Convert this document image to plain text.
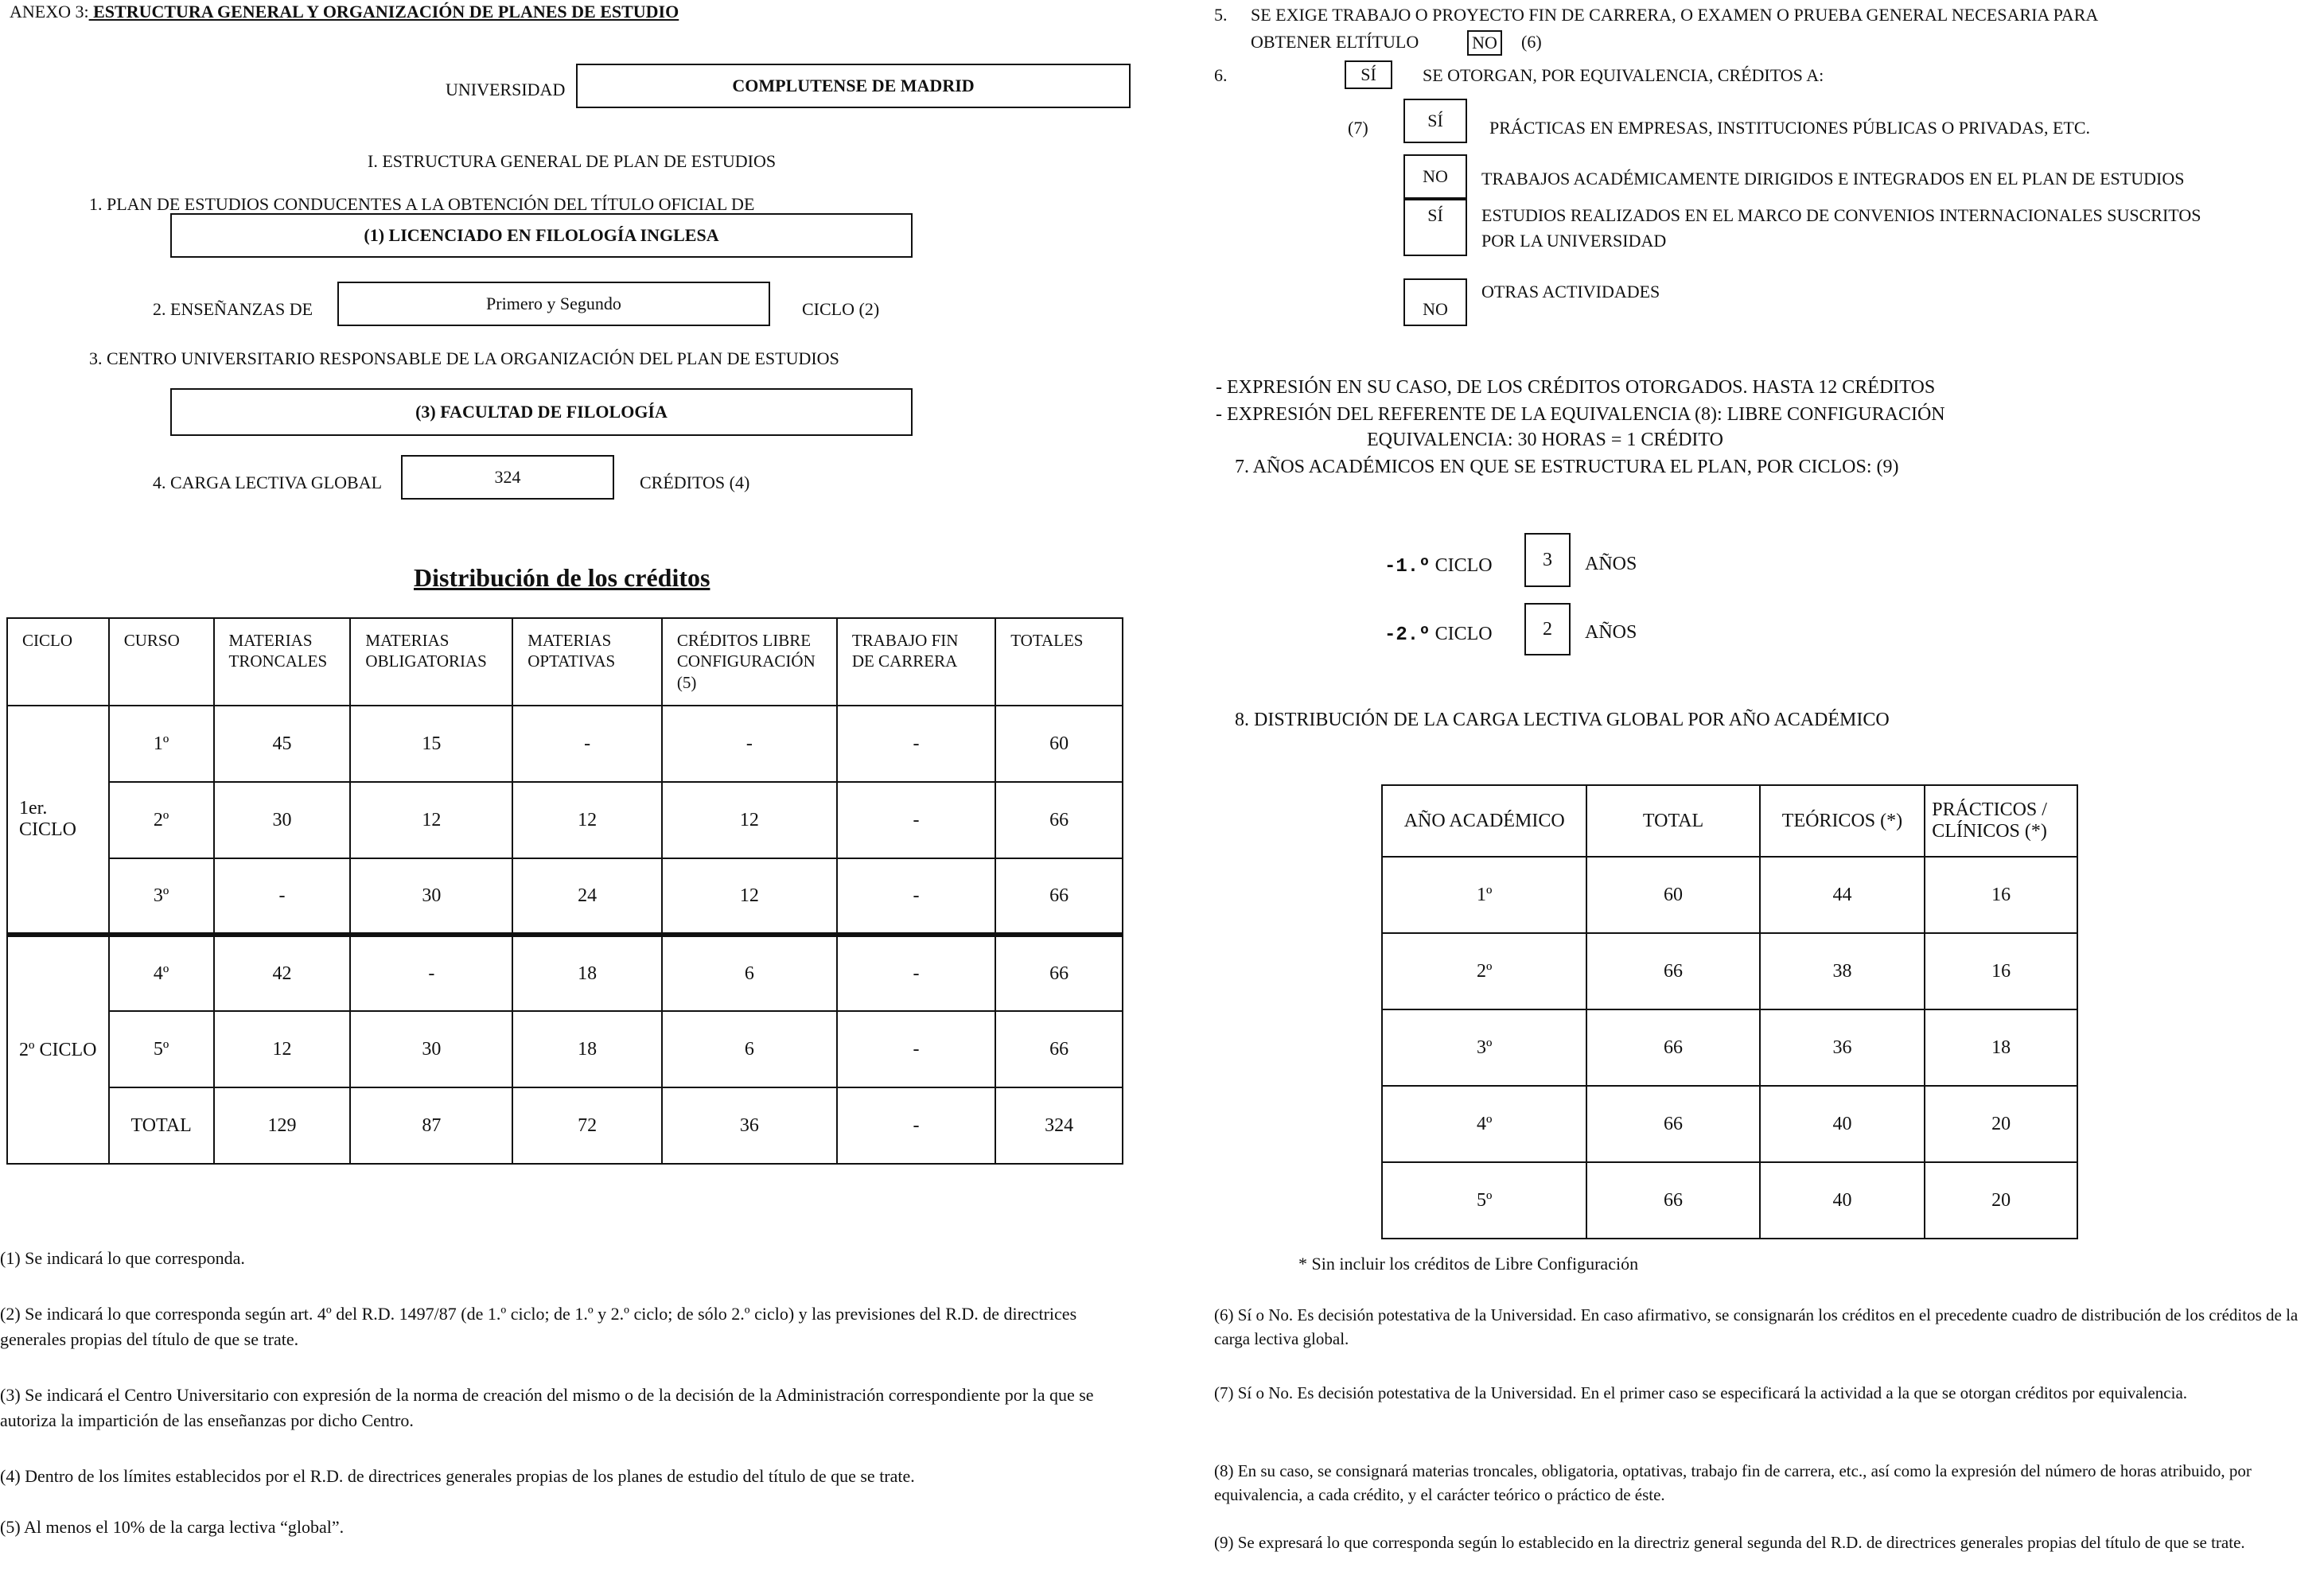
ANEXO 3: ESTRUCTURA GENERAL Y ORGANIZACIÓN DE PLANES DE ESTUDIO
UNIVERSIDAD	COMPLUTENSE DE MADRID
I. ESTRUCTURA GENERAL DE PLAN DE ESTUDIOS
1. PLAN DE ESTUDIOS CONDUCENTES A LA OBTENCIÓN DEL TÍTULO OFICIAL DE
(1) LICENCIADO EN FILOLOGÍA INGLESA
2. ENSEÑANZAS DE	Primero y Segundo	CICLO (2)
3. CENTRO UNIVERSITARIO RESPONSABLE DE LA ORGANIZACIÓN DEL PLAN DE ESTUDIOS
(3) FACULTAD DE FILOLOGÍA
4. CARGA LECTIVA GLOBAL	324	CRÉDITOS (4)
Distribución de los créditos
CICLO	CURSO	MATERIAS TRONCALES	MATERIAS OBLIGATORIAS	MATERIAS OPTATIVAS	CRÉDITOS LIBRE CONFIGURACIÓN (5)	TRABAJO FIN DE CARRERA	TOTALES
1er. CICLO	1º	45	15	-	-	-	60
	2º	30	12	12	12	-	66
	3º	-	30	24	12	-	66
2º CICLO	4º	42	-	18	6	-	66
	5º	12	30	18	6	-	66
	TOTAL	129	87	72	36	-	324
(1) Se indicará lo que corresponda.
(2) Se indicará lo que corresponda según art. 4º del R.D. 1497/87 (de 1.º ciclo; de 1.º y 2.º ciclo; de sólo 2.º ciclo) y las previsiones del R.D. de directrices generales propias del título de que se trate.
(3) Se indicará el Centro Universitario con expresión de la norma de creación del mismo o de la decisión de la Administración correspondiente por la que se autoriza la impartición de las enseñanzas por dicho Centro.
(4) Dentro de los límites establecidos por el R.D. de directrices generales propias de los planes de estudio del título de que se trate.
(5) Al menos el 10% de la carga lectiva “global”.
5. SE EXIGE TRABAJO O PROYECTO FIN DE CARRERA, O EXAMEN O PRUEBA GENERAL NECESARIA PARA
OBTENER ELTÍTULO	NO (6)
6.	SÍ	SE OTORGAN, POR EQUIVALENCIA, CRÉDITOS A:
(7)	SÍ	PRÁCTICAS EN EMPRESAS, INSTITUCIONES PÚBLICAS O PRIVADAS, ETC.
NO TRABAJOS ACADÉMICAMENTE DIRIGIDOS E INTEGRADOS EN EL PLAN DE ESTUDIOS
SÍ ESTUDIOS REALIZADOS EN EL MARCO DE CONVENIOS INTERNACIONALES SUSCRITOS
POR LA UNIVERSIDAD
NO
OTRAS ACTIVIDADES
- EXPRESIÓN EN SU CASO, DE LOS CRÉDITOS OTORGADOS. HASTA 12 CRÉDITOS
- EXPRESIÓN DEL REFERENTE DE LA EQUIVALENCIA (8): LIBRE CONFIGURACIÓN
EQUIVALENCIA: 30 HORAS = 1 CRÉDITO
7. AÑOS ACADÉMICOS EN QUE SE ESTRUCTURA EL PLAN, POR CICLOS: (9)
-1.º CICLO	3 AÑOS
-2.º CICLO	2 AÑOS
8. DISTRIBUCIÓN DE LA CARGA LECTIVA GLOBAL POR AÑO ACADÉMICO
AÑO ACADÉMICO	TOTAL	TEÓRICOS (*)	PRÁCTICOS / CLÍNICOS (*)
1º	60	44	16
2º	66	38	16
3º	66	36	18
4º	66	40	20
5º	66	40	20
* Sin incluir los créditos de Libre Configuración
(6) Sí o No. Es decisión potestativa de la Universidad. En caso afirmativo, se consignarán los créditos en el precedente cuadro de distribución de los créditos de la carga lectiva global.
(7) Sí o No. Es decisión potestativa de la Universidad. En el primer caso se especificará la actividad a la que se otorgan créditos por equivalencia.
(8) En su caso, se consignará materias troncales, obligatoria, optativas, trabajo fin de carrera, etc., así como la expresión del número de horas atribuido, por equivalencia, a cada crédito, y el carácter teórico o práctico de éste.
(9) Se expresará lo que corresponda según lo establecido en la directriz general segunda del R.D. de directrices generales propias del título de que se trate.
